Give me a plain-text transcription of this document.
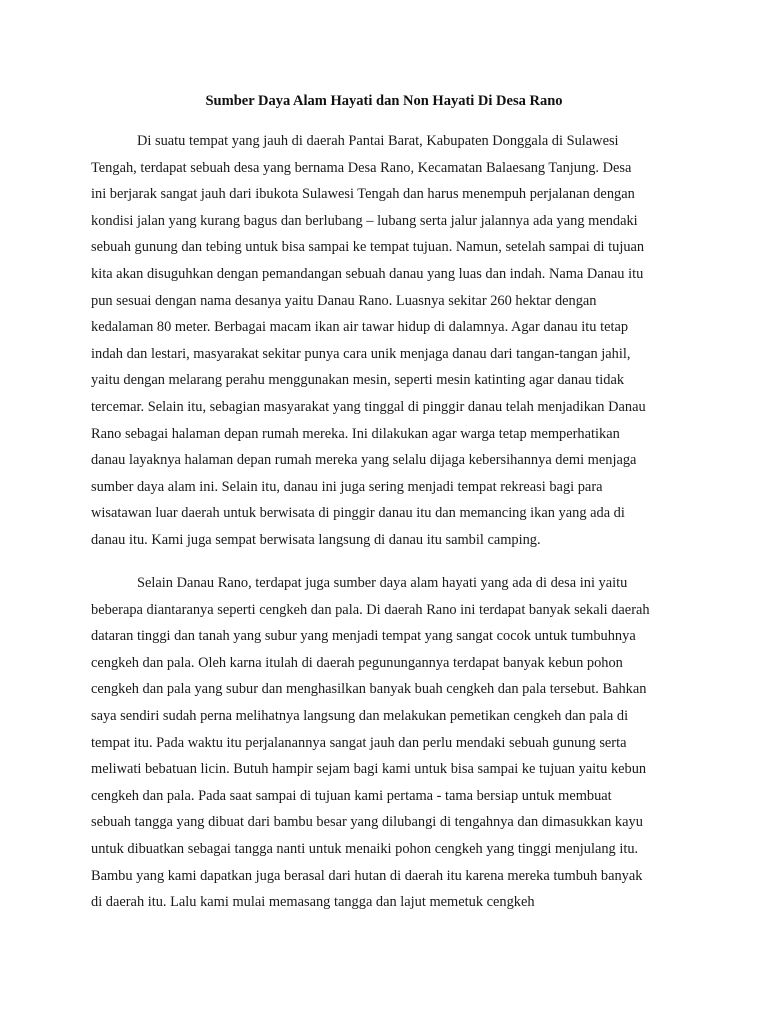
Sumber Daya Alam Hayati dan Non Hayati Di Desa Rano
Di suatu tempat yang jauh di daerah Pantai Barat, Kabupaten Donggala di Sulawesi
Tengah, terdapat sebuah desa yang bernama Desa Rano, Kecamatan Balaesang Tanjung. Desa
ini berjarak sangat jauh dari ibukota Sulawesi Tengah dan harus menempuh perjalanan dengan
kondisi jalan yang kurang bagus dan berlubang – lubang serta jalur jalannya ada yang mendaki
sebuah gunung dan tebing untuk bisa sampai ke tempat tujuan. Namun, setelah sampai di tujuan
kita akan disuguhkan dengan pemandangan sebuah danau yang luas dan indah. Nama Danau itu
pun sesuai dengan nama desanya yaitu Danau Rano. Luasnya sekitar 260 hektar dengan
kedalaman 80 meter. Berbagai macam ikan air tawar hidup di dalamnya. Agar danau itu tetap
indah dan lestari, masyarakat sekitar punya cara unik menjaga danau dari tangan-tangan jahil,
yaitu dengan melarang perahu menggunakan mesin, seperti mesin katinting agar danau tidak
tercemar. Selain itu, sebagian masyarakat yang tinggal di pinggir danau telah menjadikan Danau
Rano sebagai halaman depan rumah mereka. Ini dilakukan agar warga tetap memperhatikan
danau layaknya halaman depan rumah mereka yang selalu dijaga kebersihannya demi menjaga
sumber daya alam ini. Selain itu, danau ini juga sering menjadi tempat rekreasi bagi para
wisatawan luar daerah untuk berwisata di pinggir danau itu dan memancing ikan yang ada di
danau itu. Kami juga sempat berwisata langsung di danau itu sambil camping.
Selain Danau Rano, terdapat juga sumber daya alam hayati yang ada di desa ini yaitu
beberapa diantaranya seperti cengkeh dan pala. Di daerah Rano ini terdapat banyak sekali daerah
dataran tinggi dan tanah yang subur yang menjadi tempat yang sangat cocok untuk tumbuhnya
cengkeh dan pala. Oleh karna itulah di daerah pegunungannya terdapat banyak kebun pohon
cengkeh dan pala yang subur dan menghasilkan banyak buah cengkeh dan pala tersebut. Bahkan
saya sendiri sudah perna melihatnya langsung dan melakukan pemetikan cengkeh dan pala di
tempat itu. Pada waktu itu perjalanannya sangat jauh dan perlu mendaki sebuah gunung serta
meliwati bebatuan licin. Butuh hampir sejam bagi kami untuk bisa sampai ke tujuan yaitu kebun
cengkeh dan pala. Pada saat sampai di tujuan kami pertama - tama bersiap untuk membuat
sebuah tangga yang dibuat dari bambu besar yang dilubangi di tengahnya dan dimasukkan kayu
untuk dibuatkan sebagai tangga nanti untuk menaiki pohon cengkeh yang tinggi menjulang itu.
Bambu yang kami dapatkan juga berasal dari hutan di daerah itu karena mereka tumbuh banyak
di daerah itu. Lalu kami mulai memasang tangga dan lajut memetuk cengkeh
